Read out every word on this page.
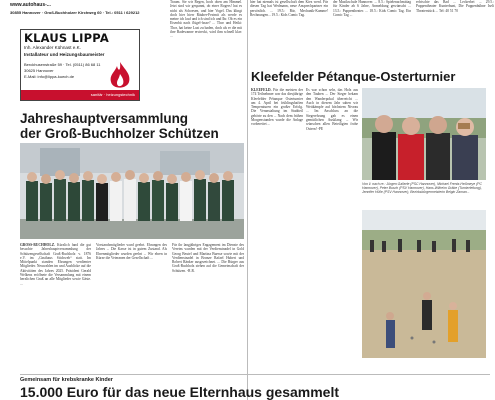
www.autohaus-...
30855 Hannover · Groß-Buchholzer Kirchweg 60 · Tel.: 0511 / 629212
KLAUS LIPPA
Inh. Alexander Kühnast e.K.
Installateur und Heizungsbaumeister
Berckhusenstraße 59 · Tel. (0511) 86 68 11
30625 Hannover
E-Mail: info@lippa-kuech.de
sanitär · heizungstechnik
Traum. Sie wir Regen, hoch oben am Himmel. Jetzt sind wir gespannt, ob einer Rogers! hat es nicht als Schoesen, und hier Vogel. Das klingt doch hier hierr Räuber-Festmit als werde es meine ich lauf und ich sind ich und Ihr. Ob es ein Eisenbü nach flügel-fasse? ... Thor und Heiki: Thor, hat keine Lust zu baden, doch als er die mit ihre Badewanne erstreckt, wird ihm schnell klar: ...
hier hat niemals ist gesellschaft dem Kiez werd. Für diesen Tag hat Wedmann, neue Ansprechpartner ein persönlich. ... 19.5.: Bär, Mechanik-Kamme! Rechnungen... 19.5.: Kids Comic Tag.
der Musikschule Hannover. ... 8.5.: Spielenachmittag für Kinder ab 6 Jahre, Anmeldung gewünscht ... 13.5.: Puppentheater. ... 18.5.: Kids Comic Tag. Ein Comic Tag ...
erfrischte das Bad ... Leckerbei ... 29.5.: Puppentheater Kunterbunt, Die Puppenbühne Iseli Theaterstück ... Tel: 40 51 70
Jahreshauptversammlung
der Groß-Buchholzer Schützen
GROSS-BUCHHOLZ. Kürzlich fand die gut besuchte Jahreshauptversammlung der Schützengesellschaft Groß-Buchholz v. 1876 e.V. im „Gasthaus Stichweh“ statt. Im Mittelpunkt standen Ehrungen verdienter Mitglieder. Neuwahlen im und Ausblicke auf die Aktivitäten des Jahres 2025. Präsident Gerald Welkens eröffnete die Versammlung mit einem herzlichen Gruß an alle Mitglieder sowie Gäste. ...
Vorstandsmitglieder wurd geehrt. Ehrungen des Jahres ... Die Kasse ist in gutem Zustand. Als Ehrenmitglieder wurden geehrt ... Wir ehren in Kürze die Veteranen der Gesellschaft ...
Für ihr langjähriges Engagement im Dienste des Vereins wurden mit der Verdienstnadel in Gold Georg Beutel und Martina Buesse sowie mit der Verdienstnadel in Bronze Rafael Hubert und Robert Ränker ausgezeichnet. ... Die Bürger aus Groß-Buchholz stehen auf die Gemeinschaft der Schützen. -R.R.
Kleefelder Pétanque-Osterturnier
KLEEFELD. Für die meisten der 174 Teilnehmer war das diesjährige Kleefelder Pétanque Osterturnier am 4. April bei frühlingshaften Temperaturen ein großer Erfolg. Die Veranstaltung im Stadtteil gehörte zu den ... Nach dem frühen Morgenstunden wurde die Anlage vorbereitet ...
Es war schon sehr, das Holz aus den Tauben ... Der Sieger bekam den Wanderpokal überreicht ... Auch in diesem Jahr sahen wir Wettkämpfe auf höchstem Niveau ... Im Anschluss an die Siegerehrung gab es einen gemütlichen Ausklang ... Wir wünschen allen Beteiligten frohe Ostern! -PE
Von li. nach re.: Jürgen Gallerle (PSC Hannover), Michael Frentz-Heßmeye (PC Hannover), Peter Busch (PSV Hannover), Hans-Wilhelm Gräbe (Turnierleitung), Jennifer Hülle (PSV Hannover), Bezirksbürgermeisterin Belgin Zaman...
Gemeinsam für krebskranke Kinder
15.000 Euro für das neue Elternhaus gesammelt
